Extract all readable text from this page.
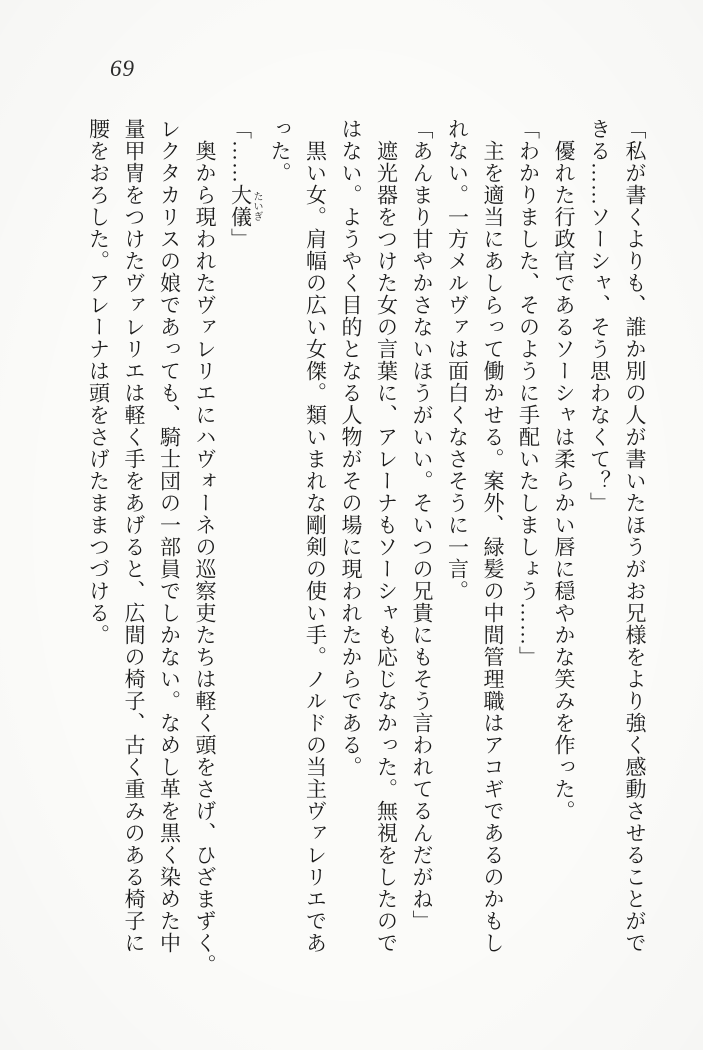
69

「私が書くよりも、誰か別の人が書いたほうがお兄様をより強く感動させることがで

きる……ソーシャ、そう思わなくて？」

優れた行政官であるソーシャは柔らかい唇に穏やかな笑みを作った。

「わかりました、そのように手配いたしましょう……」

主を適当にあしらって働かせる。案外、緑髪の中間管理職はアコギであるのかもし

れない。一方メルヴァは面白くなさそうに一言。

「あんまり甘やかさないほうがいい。そいつの兄貴にもそう言われてるんだがね」

遮光器をつけた女の言葉に、アレーナもソーシャも応じなかった。無視をしたので

はない。ようやく目的となる人物がその場に現われたからである。

黒い女。肩幅の広い女傑。類いまれな剛剣の使い手。ノルドの当主ヴァレリエであ

った。

「……大儀たいぎ」

奥から現われたヴァレリエにハヴォーネの巡察吏たちは軽く頭をさげ、ひざまずく。

レクタカリスの娘であっても、騎士団の一部員でしかない。なめし革を黒く染めた中

量甲冑をつけたヴァレリエは軽く手をあげると、広間の椅子、古く重みのある椅子に

腰をおろした。アレーナは頭をさげたままつづける。
